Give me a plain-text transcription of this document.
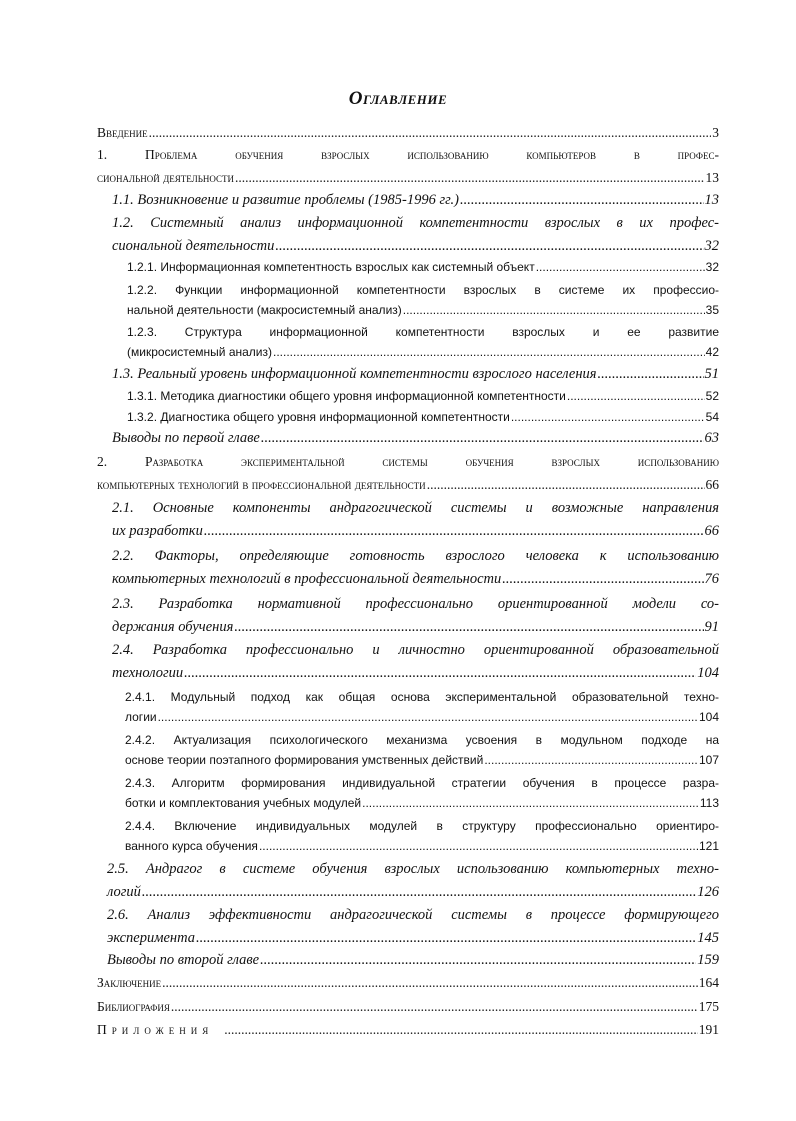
Оглавление
Введение .....	3
1. Проблема обучения взрослых использованию компьютеров в профес-
сиональной деятельности .....	13
1.1. Возникновение и развитие проблемы (1985-1996 гг.) .....	13
1.2. Системный анализ информационной компетентности взрослых в их профес-
сиональной деятельности .....	32
1.2.1. Информационная компетентность взрослых как системный объект .....	32
1.2.2. Функции информационной компетентности взрослых в системе их профессио-
нальной деятельности (макросистемный анализ) .....	35
1.2.3. Структура информационной компетентности взрослых и ее развитие
(микросистемный анализ) .....	42
1.3. Реальный уровень информационной компетентности взрослого населения .....	51
1.3.1. Методика диагностики общего уровня информационной компетентности .....	52
1.3.2. Диагностика общего уровня информационной компетентности .....	54
Выводы по первой главе .....	63
2. Разработка экспериментальной системы обучения взрослых использованию
компьютерных технологий в профессиональной деятельности .....	66
2.1. Основные компоненты андрагогической системы и возможные направления
их разработки .....	66
2.2. Факторы, определяющие готовность взрослого человека к использованию
компьютерных технологий в профессиональной деятельности .....	76
2.3. Разработка нормативной профессионально ориентированной модели со-
держания обучения .....	91
2.4. Разработка профессионально и личностно ориентированной образовательной
технологии .....	104
2.4.1. Модульный подход как общая основа экспериментальной образовательной техно-
логии .....	104
2.4.2. Актуализация психологического механизма усвоения в модульном подходе на
основе теории поэтапного формирования умственных действий .....	107
2.4.3. Алгоритм формирования индивидуальной стратегии обучения в процессе разра-
ботки и комплектования учебных модулей .....	113
2.4.4. Включение индивидуальных модулей в структуру профессионально ориентиро-
ванного курса обучения .....	121
2.5. Андрагог в системе обучения взрослых использованию компьютерных техно-
логий .....	126
2.6. Анализ эффективности андрагогической системы в процессе формирующего
эксперимента .....	145
Выводы по второй главе .....	159
Заключение .....	164
Библиография .....	175
Приложения .....	191
